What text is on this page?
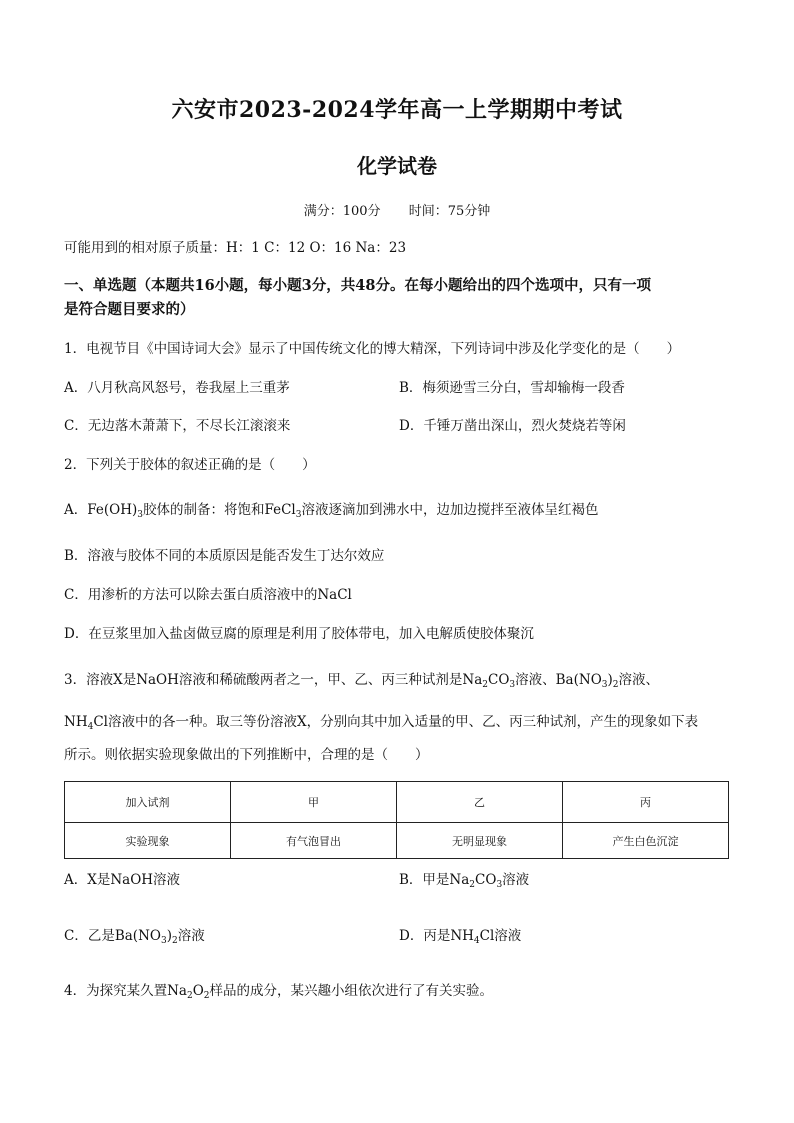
六安市2023-2024学年高一上学期期中考试
化学试卷
满分：100分 时间：75分钟
可能用到的相对原子质量：H：1 C：12 O：16 Na：23
一、单选题（本题共16小题，每小题3分，共48分。在每小题给出的四个选项中，只有一项
是符合题目要求的）
1．电视节目《中国诗词大会》显示了中国传统文化的博大精深，下列诗词中涉及化学变化的是（　　）
A．八月秋高风怒号，卷我屋上三重茅	B．梅须逊雪三分白，雪却输梅一段香
C．无边落木萧萧下，不尽长江滚滚来	D．千锤万凿出深山，烈火焚烧若等闲
2．下列关于胶体的叙述正确的是（　　）
A．$Fe(OH)_3$胶体的制备：将饱和FeCl$_3$溶液逐滴加到沸水中，边加边搅拌至液体呈红褐色
B．溶液与胶体不同的本质原因是能否发生丁达尔效应
C．用渗析的方法可以除去蛋白质溶液中的NaCl
D．在豆浆里加入盐卤做豆腐的原理是利用了胶体带电，加入电解质使胶体聚沉
3．溶液X是NaOH溶液和稀硫酸两者之一，甲、乙、丙三种试剂是$Na_2CO_3$溶液、$Ba(NO_3)_2$溶液、
$NH_4Cl$溶液中的各一种。取三等份溶液X，分别向其中加入适量的甲、乙、丙三种试剂，产生的现象如下表
所示。则依据实验现象做出的下列推断中，合理的是（　　）
加入试剂	甲	乙	丙
实验现象	有气泡冒出	无明显现象	产生白色沉淀
A．X是NaOH溶液	B．甲是$Na_2CO_3$溶液
C．乙是$Ba(NO_3)_2$溶液	D．丙是$NH_4Cl$溶液
4．为探究某久置$Na_2O_2$样品的成分，某兴趣小组依次进行了有关实验。
